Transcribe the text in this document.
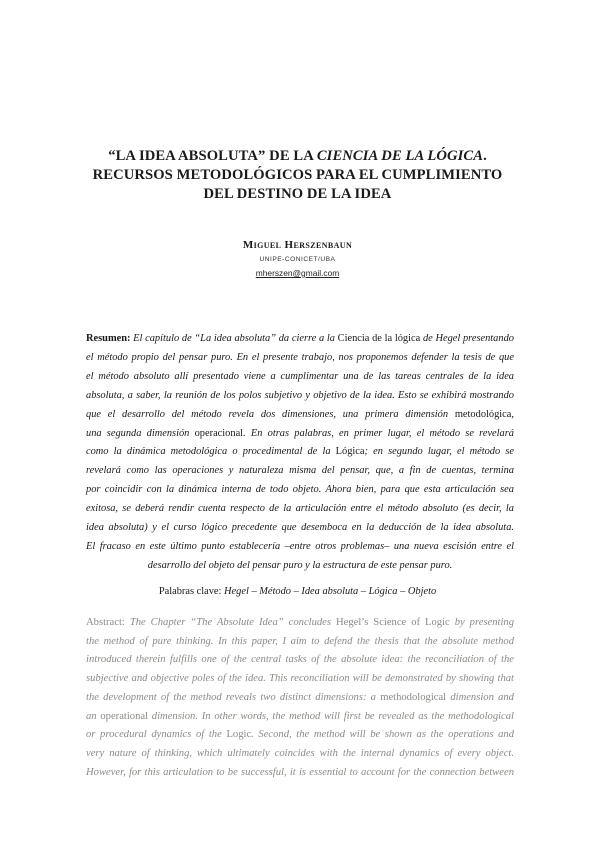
“LA IDEA ABSOLUTA” DE LA CIENCIA DE LA LÓGICA.
RECURSOS METODOLÓGICOS PARA EL CUMPLIMIENTO
DEL DESTINO DE LA IDEA
Miguel Herszenbaun
UNIPE-CONICET/UBA
mherszen@gmail.com
Resumen: El capítulo de “La idea absoluta” da cierre a la Ciencia de la lógica de Hegel presentando
el método propio del pensar puro. En el presente trabajo, nos proponemos defender la tesis de que
el método absoluto allí presentado viene a cumplimentar una de las tareas centrales de la idea
absoluta, a saber, la reunión de los polos subjetivo y objetivo de la idea. Esto se exhibirá mostrando
que el desarrollo del método revela dos dimensiones, una primera dimensión metodológica,
una segunda dimensión operacional. En otras palabras, en primer lugar, el método se revelará
como la dinámica metodológica o procedimental de la Lógica; en segundo lugar, el método se
revelará como las operaciones y naturaleza misma del pensar, que, a fin de cuentas, termina
por coincidir con la dinámica interna de todo objeto. Ahora bien, para que esta articulación sea
exitosa, se deberá rendir cuenta respecto de la articulación entre el método absoluto (es decir, la
idea absoluta) y el curso lógico precedente que desemboca en la deducción de la idea absoluta.
El fracaso en este último punto establecería –entre otros problemas– una nueva escisión entre el
desarrollo del objeto del pensar puro y la estructura de este pensar puro.
Palabras clave: Hegel – Método – Idea absoluta – Lógica – Objeto
Abstract: The Chapter “The Absolute Idea” concludes Hegel’s Science of Logic by presenting
the method of pure thinking. In this paper, I aim to defend the thesis that the absolute method
introduced therein fulfills one of the central tasks of the absolute idea: the reconciliation of the
subjective and objective poles of the idea. This reconciliation will be demonstrated by showing that
the development of the method reveals two distinct dimensions: a methodological dimension and
an operational dimension. In other words, the method will first be revealed as the methodological
or procedural dynamics of the Logic. Second, the method will be shown as the operations and
very nature of thinking, which ultimately coincides with the internal dynamics of every object.
However, for this articulation to be successful, it is essential to account for the connection between
